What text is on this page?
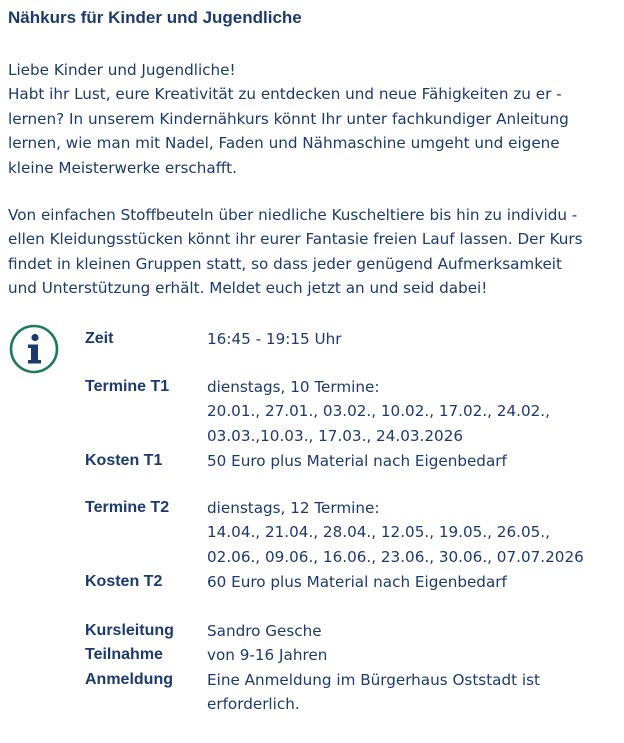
Nähkurs für Kinder und Jugendliche

Liebe Kinder und Jugendliche!
Habt ihr Lust, eure Kreativität zu entdecken und neue Fähigkeiten zu er -
lernen? In unserem Kindernähkurs könnt Ihr unter fachkundiger Anleitung
lernen, wie man mit Nadel, Faden und Nähmaschine umgeht und eigene
kleine Meisterwerke erschafft.

Von einfachen Stoffbeuteln über niedliche Kuscheltiere bis hin zu individu -
ellen Kleidungsstücken könnt ihr eurer Fantasie freien Lauf lassen. Der Kurs
findet in kleinen Gruppen statt, so dass jeder genügend Aufmerksamkeit
und Unterstützung erhält. Meldet euch jetzt an und seid dabei!

Zeit	16:45 - 19:15 Uhr
Termine T1 dienstags, 10 Termine:
20.01., 27.01., 03.02., 10.02., 17.02., 24.02.,
03.03.,10.03., 17.03., 24.03.2026
Kosten T1	50 Euro plus Material nach Eigenbedarf
Termine T2 dienstags, 12 Termine:
14.04., 21.04., 28.04., 12.05., 19.05., 26.05.,
02.06., 09.06., 16.06., 23.06., 30.06., 07.07.2026
Kosten T2	60 Euro plus Material nach Eigenbedarf
Kursleitung Sandro Gesche
Teilnahme	von 9-16 Jahren
Anmeldung Eine Anmeldung im Bürgerhaus Oststadt ist
erforderlich.
